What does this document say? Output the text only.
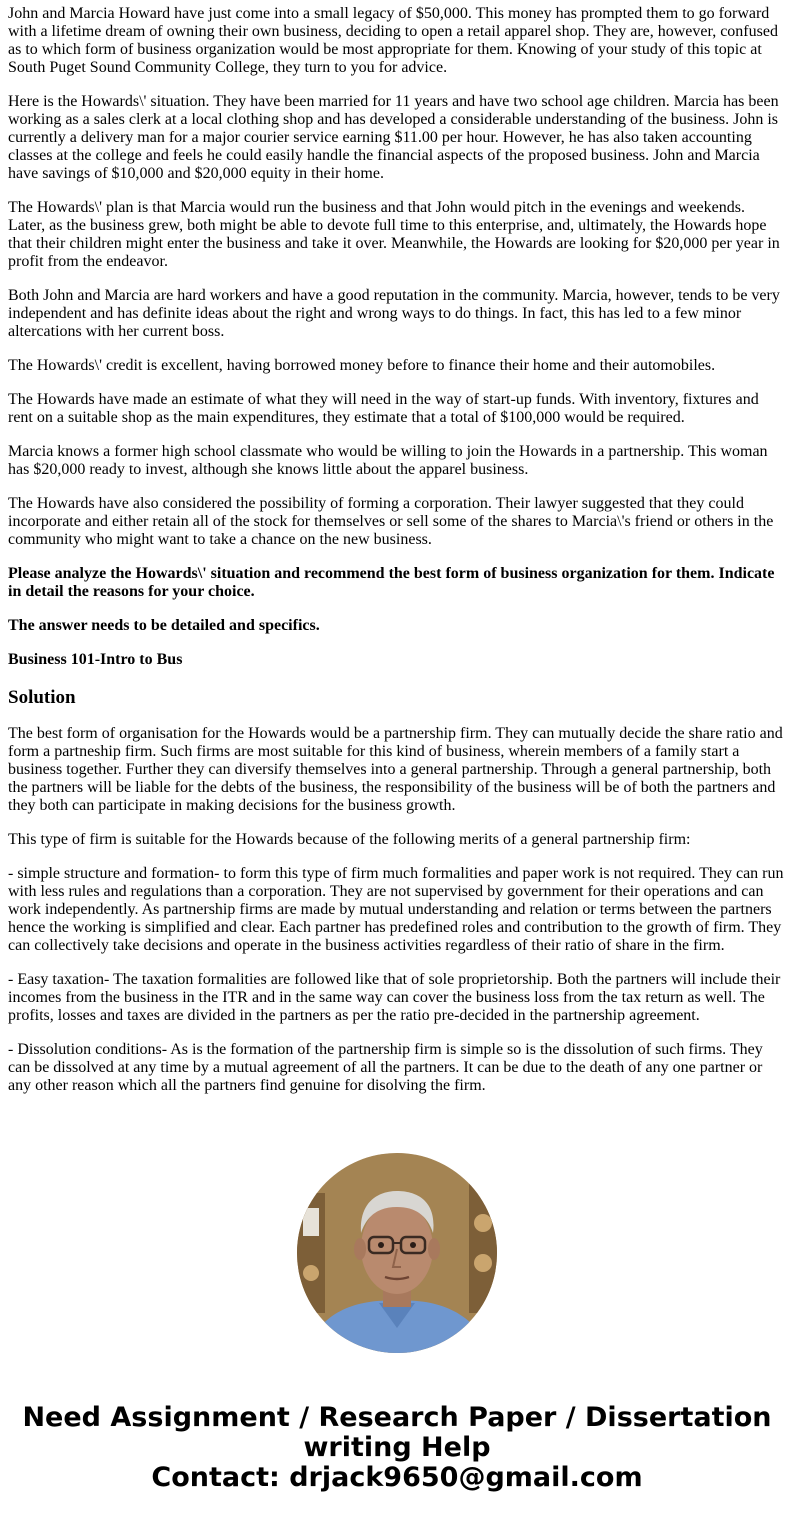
John and Marcia Howard have just come into a small legacy of $50,000. This money has prompted them to go forward with a lifetime dream of owning their own business, deciding to open a retail apparel shop. They are, however, confused as to which form of business organization would be most appropriate for them. Knowing of your study of this topic at South Puget Sound Community College, they turn to you for advice.

Here is the Howards\' situation. They have been married for 11 years and have two school age children. Marcia has been working as a sales clerk at a local clothing shop and has developed a considerable understanding of the business. John is currently a delivery man for a major courier service earning $11.00 per hour. However, he has also taken accounting classes at the college and feels he could easily handle the financial aspects of the proposed business. John and Marcia have savings of $10,000 and $20,000 equity in their home.

The Howards\' plan is that Marcia would run the business and that John would pitch in the evenings and weekends. Later, as the business grew, both might be able to devote full time to this enterprise, and, ultimately, the Howards hope that their children might enter the business and take it over. Meanwhile, the Howards are looking for $20,000 per year in profit from the endeavor.

Both John and Marcia are hard workers and have a good reputation in the community. Marcia, however, tends to be very independent and has definite ideas about the right and wrong ways to do things. In fact, this has led to a few minor altercations with her current boss.

The Howards\' credit is excellent, having borrowed money before to finance their home and their automobiles.

The Howards have made an estimate of what they will need in the way of start-up funds. With inventory, fixtures and rent on a suitable shop as the main expenditures, they estimate that a total of $100,000 would be required.

Marcia knows a former high school classmate who would be willing to join the Howards in a partnership. This woman has $20,000 ready to invest, although she knows little about the apparel business.

The Howards have also considered the possibility of forming a corporation. Their lawyer suggested that they could incorporate and either retain all of the stock for themselves or sell some of the shares to Marcia\'s friend or others in the community who might want to take a chance on the new business.

Please analyze the Howards\' situation and recommend the best form of business organization for them. Indicate in detail the reasons for your choice.

The answer needs to be detailed and specifics.

Business 101-Intro to Bus

Solution

The best form of organisation for the Howards would be a partnership firm. They can mutually decide the share ratio and form a partneship firm. Such firms are most suitable for this kind of business, wherein members of a family start a business together. Further they can diversify themselves into a general partnership. Through a general partnership, both the partners will be liable for the debts of the business, the responsibility of the business will be of both the partners and they both can participate in making decisions for the business growth.

This type of firm is suitable for the Howards because of the following merits of a general partnership firm:

- simple structure and formation- to form this type of firm much formalities and paper work is not required. They can run with less rules and regulations than a corporation. They are not supervised by government for their operations and can work independently. As partnership firms are made by mutual understanding and relation or terms between the partners hence the working is simplified and clear. Each partner has predefined roles and contribution to the growth of firm. They can collectively take decisions and operate in the business activities regardless of their ratio of share in the firm.

- Easy taxation- The taxation formalities are followed like that of sole proprietorship. Both the partners will include their incomes from the business in the ITR and in the same way can cover the business loss from the tax return as well. The profits, losses and taxes are divided in the partners as per the ratio pre-decided in the partnership agreement.

- Dissolution conditions- As is the formation of the partnership firm is simple so is the dissolution of such firms. They can be dissolved at any time by a mutual agreement of all the partners. It can be due to the death of any one partner or any other reason which all the partners find genuine for disolving the firm.

Need Assignment / Research Paper / Dissertation writing Help
Contact: drjack9650@gmail.com
